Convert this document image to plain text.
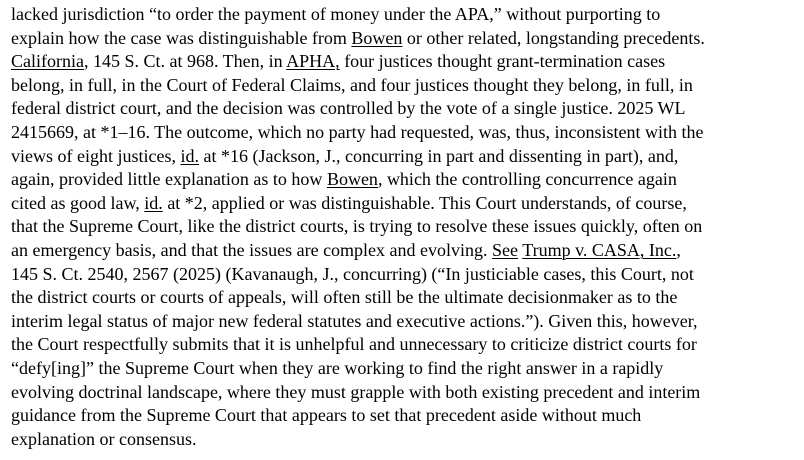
lacked jurisdiction “to order the payment of money under the APA,” without purporting to
explain how the case was distinguishable from Bowen or other related, longstanding precedents.
California, 145 S. Ct. at 968. Then, in APHA, four justices thought grant-termination cases
belong, in full, in the Court of Federal Claims, and four justices thought they belong, in full, in
federal district court, and the decision was controlled by the vote of a single justice. 2025 WL
2415669, at *1–16. The outcome, which no party had requested, was, thus, inconsistent with the
views of eight justices, id. at *16 (Jackson, J., concurring in part and dissenting in part), and,
again, provided little explanation as to how Bowen, which the controlling concurrence again
cited as good law, id. at *2, applied or was distinguishable. This Court understands, of course,
that the Supreme Court, like the district courts, is trying to resolve these issues quickly, often on
an emergency basis, and that the issues are complex and evolving. See Trump v. CASA, Inc.,
145 S. Ct. 2540, 2567 (2025) (Kavanaugh, J., concurring) (“In justiciable cases, this Court, not
the district courts or courts of appeals, will often still be the ultimate decisionmaker as to the
interim legal status of major new federal statutes and executive actions.”). Given this, however,
the Court respectfully submits that it is unhelpful and unnecessary to criticize district courts for
“defy[ing]” the Supreme Court when they are working to find the right answer in a rapidly
evolving doctrinal landscape, where they must grapple with both existing precedent and interim
guidance from the Supreme Court that appears to set that precedent aside without much
explanation or consensus.
